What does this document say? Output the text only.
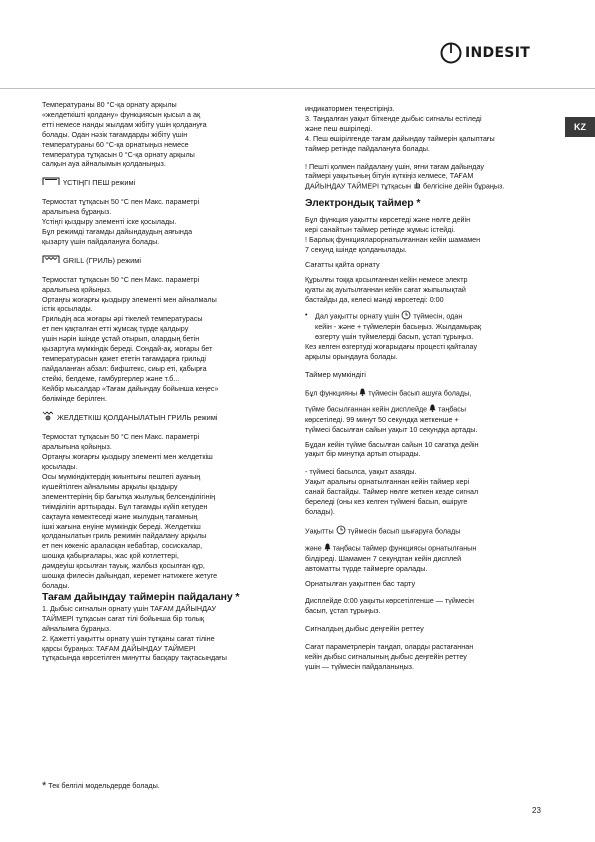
INDESIT
KZ

Температураны 80 °С-қа орнату арқылы

«желдеткішті қолдану» функциясын қысыл а ақ

етті немесе нанды жылдам жібіту үшін қолдануға

болады. Одан нәзік тағамдарды жібіту үшін

температураны 60 °С-қа орнатыңыз немесе

температура тұтқасын 0 °С-қа орнату арқылы

салқын ауа айналымын қолданыңыз.

ҮСТІҢГІ ПЕШ режимі

Термостат тұтқасын 50 °С пен Макс. параметрі

аралығына бұраңыз.

Үстіңгі қыздыру элементі іске қосылады.

Бұл режимді тағамды дайындаудың аяғында

қызарту үшін пайдалануға болады.

GRILL (ГРИЛЬ) режимі

Термостат тұтқасын 50 °С пен Макс. параметрі

аралығына қойыңыз.

Ортаңғы жоғарғы қыздыру элементі мен айналмалы

істік қосылады.

Грильдің аса жоғары әрі тікелей температурасы

ет пен қақталған етті жұмсақ түрде қалдыру

үшін нәрін ішінде ұстай отырып, олардың бетін

қызартуға мүмкіндік береді. Сондай-ақ, жоғары бет

температурасын қажет ететін тағамдарға грильді

пайдаланған абзал: бифштекс, сиыр еті, қабырға

стейкі, белдеме, гамбургерлер және т.б...

Кейбір мысалдар «Тағам дайындау бойынша кеңес»

бөлімінде берілген.

ЖЕЛДЕТКІШ ҚОЛДАНЫЛАТЫН ГРИЛЬ режимі

Термостат тұтқасын 50 °С пен Макс. параметрі

аралығына қойыңыз.

Ортаңғы жоғарғы қыздыру элементі мен желдеткіш

қосылады.

Осы мүмкіндіктердің жиынтығы пештегі ауаның

күшейтілген айналымы арқылы қыздыру

элементтерінің бір бағытқа жылулық белсенділігінің

тиімділігін арттырады. Бұл тағамды күйіп кетуден

сақтауға көмектеседі және жылудың тағамның

ішкі жағына енуіне мүмкіндік береді. Желдеткіш

қолданылатын гриль режимін пайдалану арқылы

ет пен көкеніс араласқан кебабтар, сосискалар,

шошқа қабырғалары, жас қой котлеттері,

дәмдеуіш қосылған тауық, жалбыз қосылған құр,

шошқа филесін дайындап, керемет нәтижеге жетуге

болады.

Тағам дайындау таймерін пайдалану *

1. Дыбыс сигналын орнату үшін ТАҒАМ ДАЙЫНДАУ

ТАЙМЕРІ тұтқасын сағат тілі бойынша бір толық

айналымға бұраңыз.

2. Қажетті уақытты орнату үшін тұтқаны сағат тіліне

қарсы бұраңыз: ТАҒАМ ДАЙЫНДАУ ТАЙМЕРІ

тұтқасында көрсетілген минутты басқару тақтасындағы

* Тек белгілі модельдерде болады.

индикатормен теңестіріңіз.

3. Таңдалған уақыт біткенде дыбыс сигналы естіледі

және пеш өшіріледі.

4. Пеш өшірілгенде тағам дайындау таймерін қалыптағы

таймер ретінде пайдалануға болады.

! Пешті қолмен пайдалану үшін, яғни тағам дайындау

таймері уақытының бітуін күткіңіз келмесе, ТАҒАМ

ДАЙЫНДАУ ТАЙМЕРІ тұтқасын белгісіне дейін бұраңыз.

Электрондық таймер *

Бұл функция уақытты көрсетеді және нөлге дейін

кері санайтын таймер ретінде жұмыс істейді.

! Барлық функцияларорнатылғаннан кейін шамамен

7 секунд ішінде қолданылады.

Сағатты қайта орнату

Құрылғы тоққа қосылғаннан кейін немесе электр

қуаты ақ ауытылғаннан кейін сағат жыпылықтай

бастайды да, келесі мәнді көрсетеді: 0:00

•	Дал уақытты орнату үшін түймесін, одан

кейін - және + түймелерін басыңыз. Жылдамырақ

өзгерту үшін түймелерді басып, ұстап тұрыңыз.

Кез келген өзгертуді жоғарыдағы процесті қайталау

арқылы орындауға болады.

Таймер мүмкіндігі

Бұл функцияны түймесін басып ашуға болады,

түйме басылғаннан кейін дисплейде таңбасы

көрсетіледі. 99 минут 50 секундқа жеткенше +

түймесі басылған сайын уақыт 10 секундқа артады.

Бұдан кейін түйме басылған сайын 10 сағатқа дейін

уақыт бір минутқа артып отырады.

- түймесі басылса, уақыт азаяды.

Уақыт аралығы орнатылғаннан кейін таймер кері

санай бастайды. Таймер нөлге жеткен кезде сигнал

береледі (оны кез келген түймені басып, өшіруге

болады).

Уақытты түймесін басып шығаруға болады

және таңбасы таймер функциясы орнатылғанын

білдіреді. Шамамен 7 секундтан кейін дисплей

автоматты түрде таймерге оралады.

Орнатылған уақытпен бас тарту

Дисплейде 0:00 уақыты көрсетілгенше — түймесін

басып, ұстап тұрыңыз.

Сигналдың дыбыс деңгейін реттеу

Сағат параметрлерін таңдап, оларды растағаннан

кейін дыбыс сигналының дыбыс деңгейін реттеу

үшін — түймесін пайдаланыңыз.

23
